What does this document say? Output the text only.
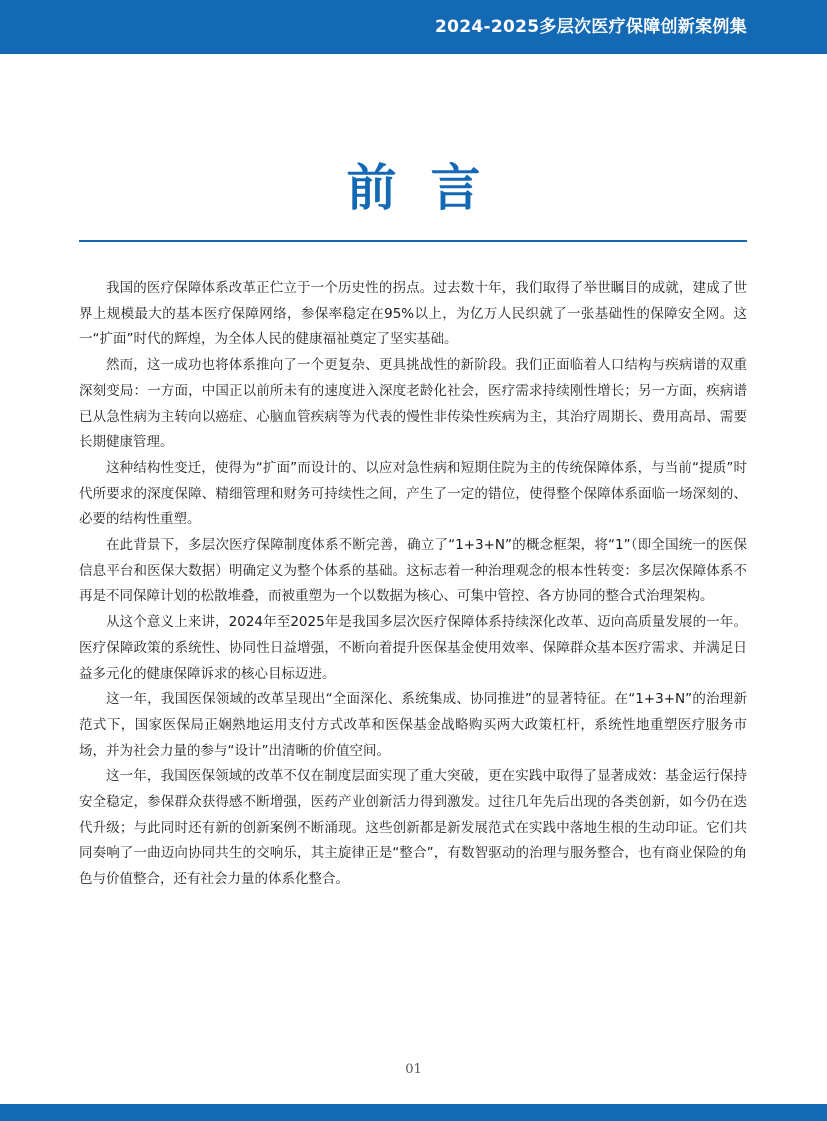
2024-2025多层次医疗保障创新案例集
前言

我国的医疗保障体系改革正伫立于一个历史性的拐点。过去数十年，我们取得了举世瞩目的成就，建成了世界上规模最大的基本医疗保障网络，参保率稳定在95%以上，为亿万人民织就了一张基础性的保障安全网。这一“扩面”时代的辉煌，为全体人民的健康福祉奠定了坚实基础。

然而，这一成功也将体系推向了一个更复杂、更具挑战性的新阶段。我们正面临着人口结构与疾病谱的双重深刻变局：一方面，中国正以前所未有的速度进入深度老龄化社会，医疗需求持续刚性增长；另一方面，疾病谱已从急性病为主转向以癌症、心脑血管疾病等为代表的慢性非传染性疾病为主，其治疗周期长、费用高昂、需要长期健康管理。

这种结构性变迁，使得为“扩面”而设计的、以应对急性病和短期住院为主的传统保障体系，与当前“提质”时代所要求的深度保障、精细管理和财务可持续性之间，产生了一定的错位，使得整个保障体系面临一场深刻的、必要的结构性重塑。

在此背景下，多层次医疗保障制度体系不断完善，确立了“1+3+N”的概念框架，将“1”（即全国统一的医保信息平台和医保大数据）明确定义为整个体系的基础。这标志着一种治理观念的根本性转变：多层次保障体系不再是不同保障计划的松散堆叠，而被重塑为一个以数据为核心、可集中管控、各方协同的整合式治理架构。

从这个意义上来讲，2024年至2025年是我国多层次医疗保障体系持续深化改革、迈向高质量发展的一年。医疗保障政策的系统性、协同性日益增强，不断向着提升医保基金使用效率、保障群众基本医疗需求、并满足日益多元化的健康保障诉求的核心目标迈进。

这一年，我国医保领域的改革呈现出“全面深化、系统集成、协同推进”的显著特征。在“1+3+N”的治理新范式下，国家医保局正娴熟地运用支付方式改革和医保基金战略购买两大政策杠杆，系统性地重塑医疗服务市场，并为社会力量的参与“设计”出清晰的价值空间。

这一年，我国医保领域的改革不仅在制度层面实现了重大突破，更在实践中取得了显著成效：基金运行保持安全稳定，参保群众获得感不断增强，医药产业创新活力得到激发。过往几年先后出现的各类创新，如今仍在迭代升级；与此同时还有新的创新案例不断涌现。这些创新都是新发展范式在实践中落地生根的生动印证。它们共同奏响了一曲迈向协同共生的交响乐，其主旋律正是“整合”，有数智驱动的治理与服务整合，也有商业保险的角色与价值整合，还有社会力量的体系化整合。

01
